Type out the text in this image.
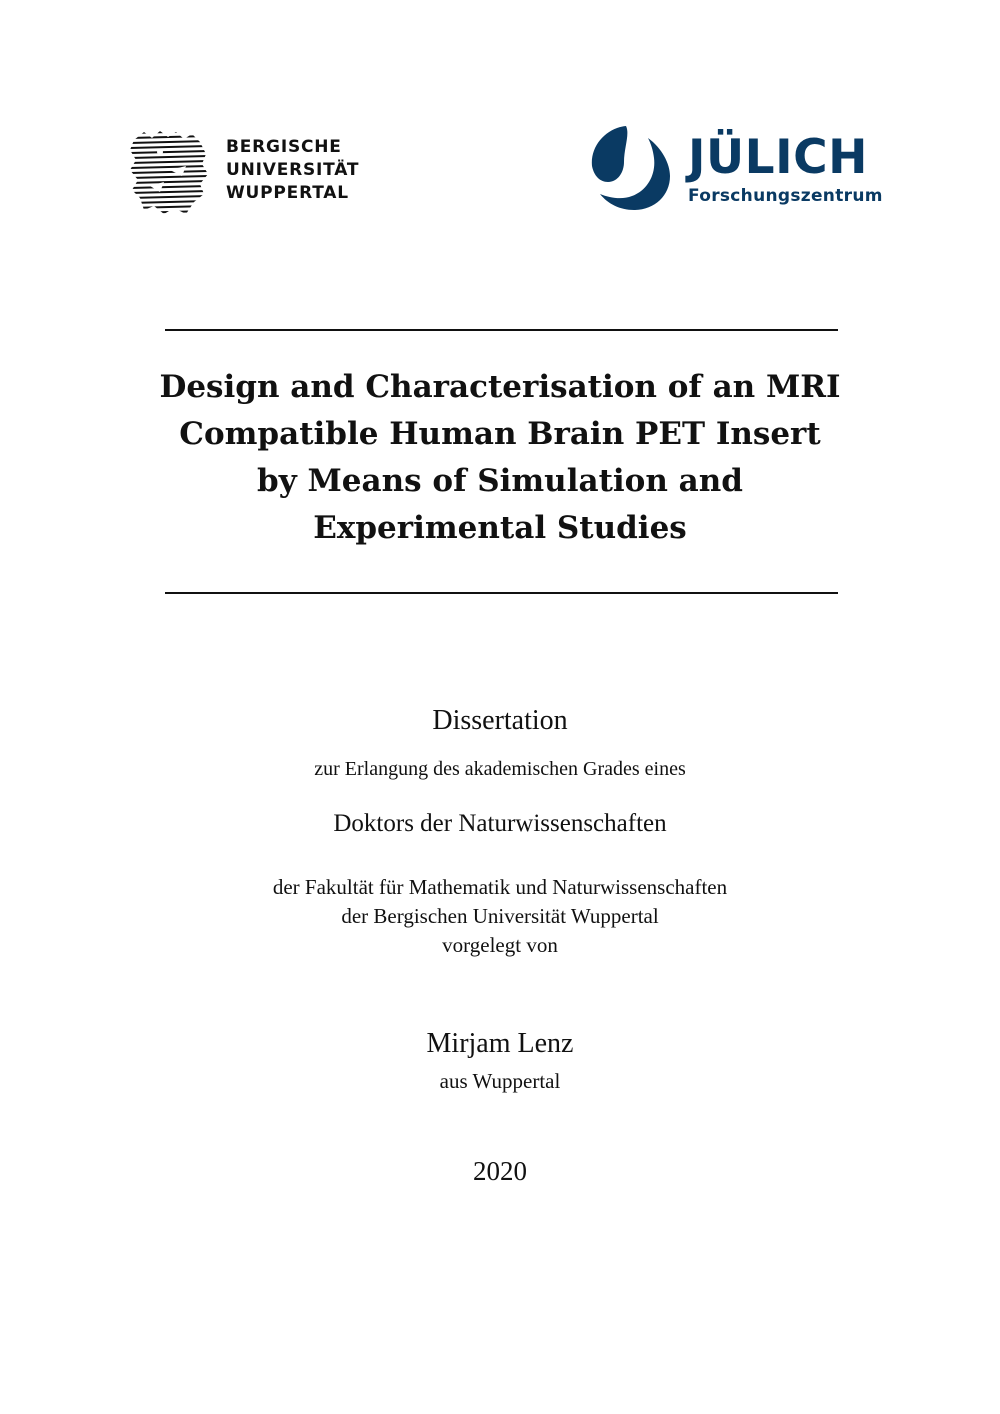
BERGISCHE
UNIVERSITÄT
WUPPERTAL
JÜLICH
Forschungszentrum
Design and Characterisation of an MRI
Compatible Human Brain PET Insert
by Means of Simulation and
Experimental Studies
Dissertation
zur Erlangung des akademischen Grades eines
Doktors der Naturwissenschaften
der Fakultät für Mathematik und Naturwissenschaften
der Bergischen Universität Wuppertal
vorgelegt von
Mirjam Lenz
aus Wuppertal
2020
